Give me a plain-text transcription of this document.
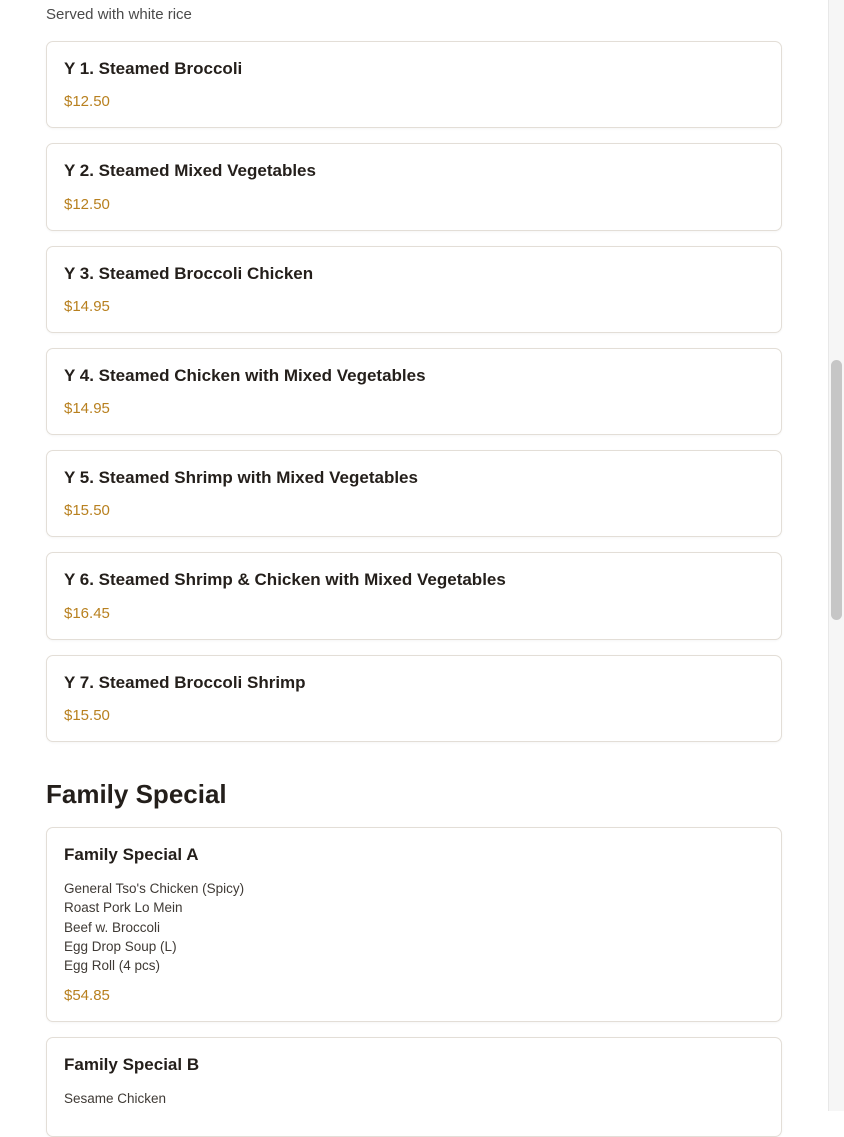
Served with white rice

Y 1. Steamed Broccoli

$12.50

Y 2. Steamed Mixed Vegetables

$12.50

Y 3. Steamed Broccoli Chicken

$14.95

Y 4. Steamed Chicken with Mixed Vegetables

$14.95

Y 5. Steamed Shrimp with Mixed Vegetables

$15.50

Y 6. Steamed Shrimp & Chicken with Mixed Vegetables

$16.45

Y 7. Steamed Broccoli Shrimp

$15.50

Family Special

Family Special A

General Tso's Chicken (Spicy)
Roast Pork Lo Mein
Beef w. Broccoli
Egg Drop Soup (L)
Egg Roll (4 pcs)

$54.85

Family Special B

Sesame Chicken
